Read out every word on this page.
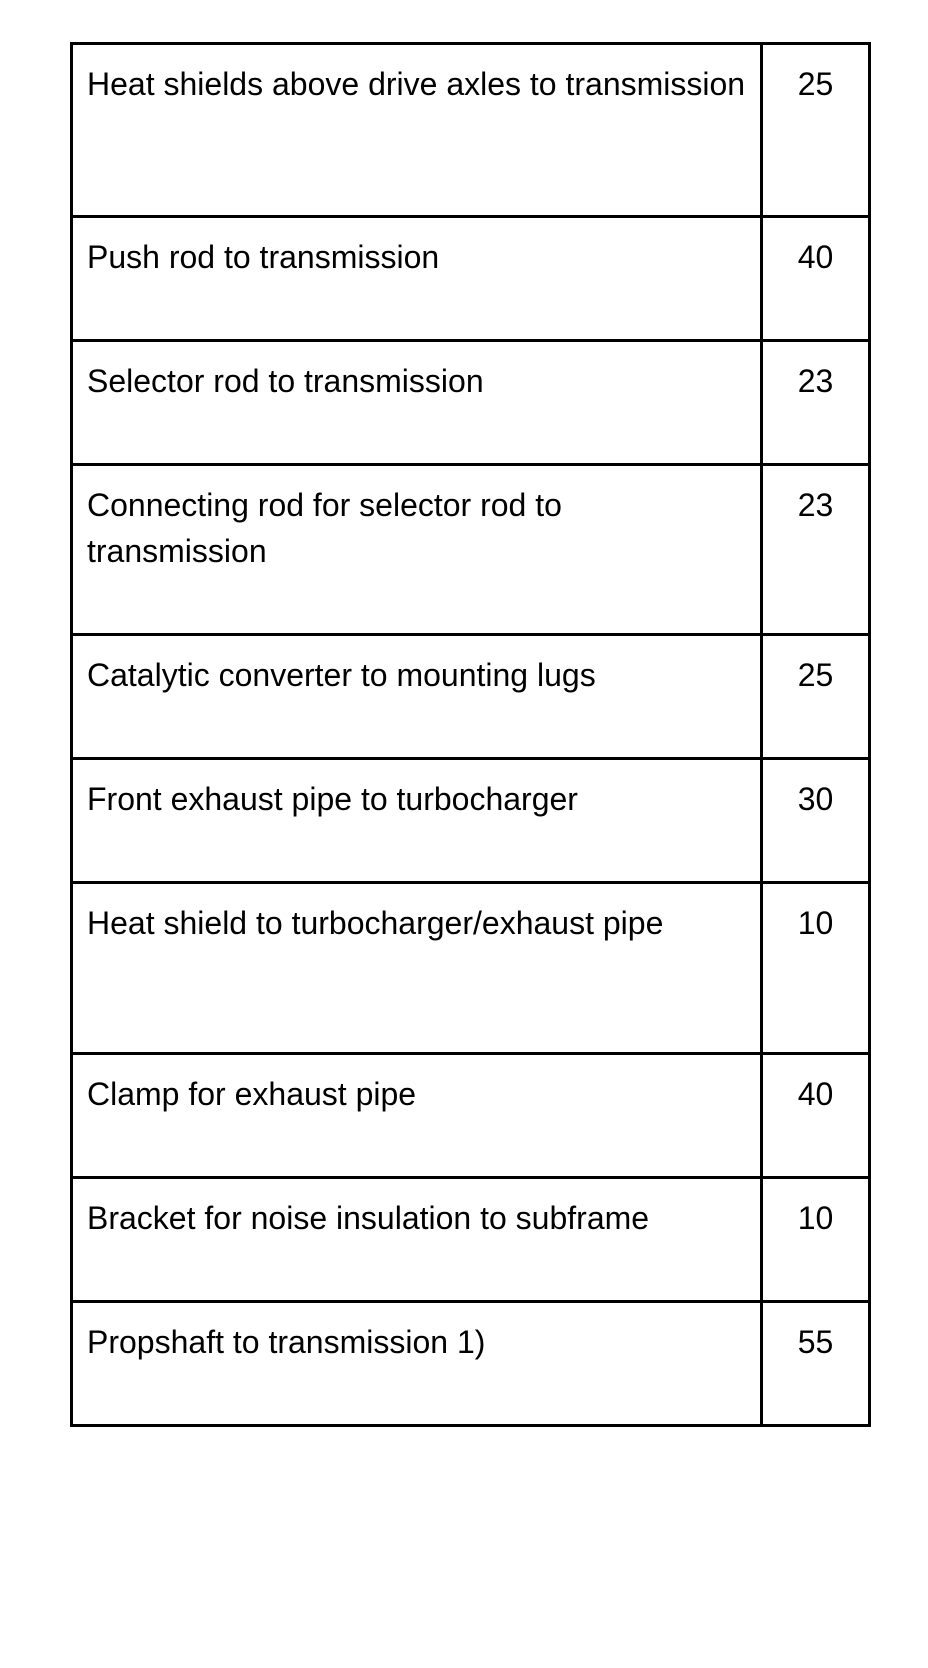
Heat shields above drive axles to transmission	25
Push rod to transmission	40
Selector rod to transmission	23
Connecting rod for selector rod to transmission	23
Catalytic converter to mounting lugs	25
Front exhaust pipe to turbocharger	30
Heat shield to turbocharger/exhaust pipe	10
Clamp for exhaust pipe	40
Bracket for noise insulation to subframe	10
Propshaft to transmission 1)	55
